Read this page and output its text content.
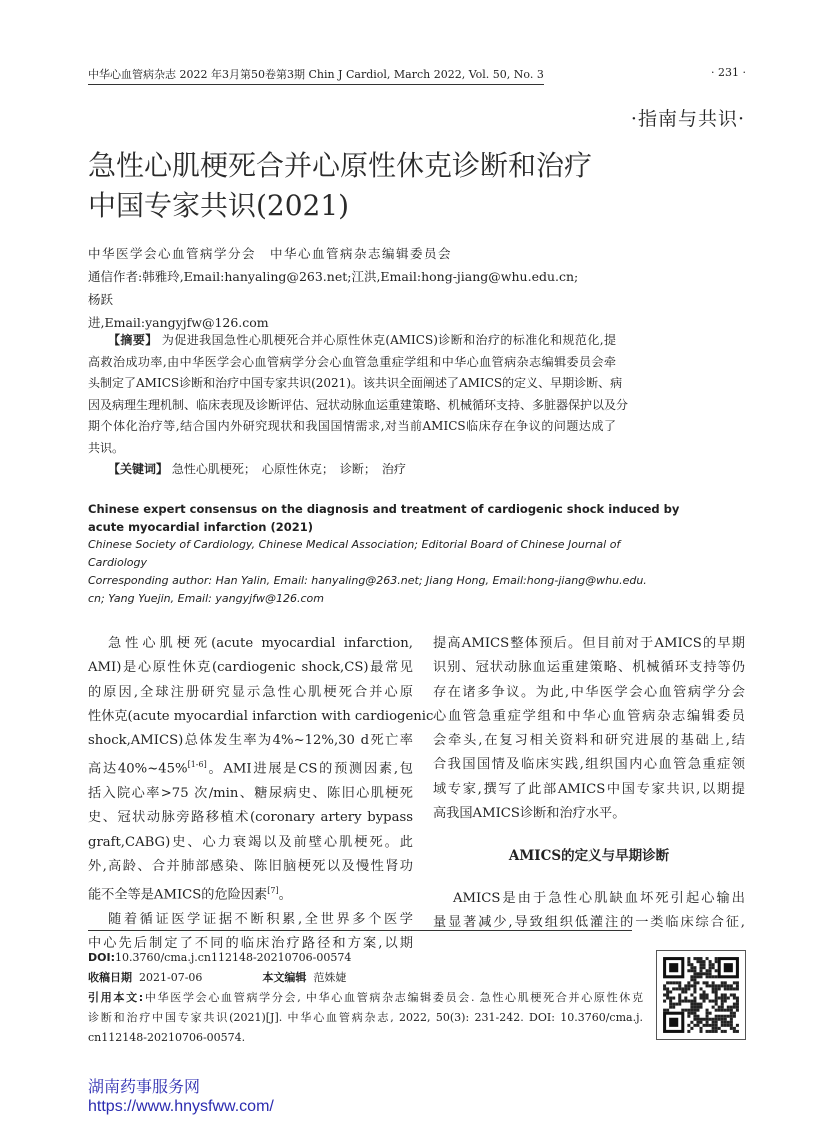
中华心血管病杂志 2022 年3月第50卷第3期 Chin J Cardiol, March 2022, Vol. 50, No. 3	· 231 ·
·指南与共识·
急性心肌梗死合并心原性休克诊断和治疗
中国专家共识(2021)
中华医学会心血管病学分会　中华心血管病杂志编辑委员会
通信作者:韩雅玲,Email:hanyaling@263.net;江洪,Email:hong-jiang@whu.edu.cn;杨跃
进,Email:yangyjfw@126.com
【摘要】 为促进我国急性心肌梗死合并心原性休克(AMICS)诊断和治疗的标准化和规范化,提
高救治成功率,由中华医学会心血管病学分会心血管急重症学组和中华心血管病杂志编辑委员会牵
头制定了AMICS诊断和治疗中国专家共识(2021)。该共识全面阐述了AMICS的定义、早期诊断、病
因及病理生理机制、临床表现及诊断评估、冠状动脉血运重建策略、机械循环支持、多脏器保护以及分
期个体化治疗等,结合国内外研究现状和我国国情需求,对当前AMICS临床存在争议的问题达成了
共识。
【关键词】 急性心肌梗死；　心原性休克；　诊断；　治疗
Chinese expert consensus on the diagnosis and treatment of cardiogenic shock induced by
acute myocardial infarction (2021)
Chinese Society of Cardiology, Chinese Medical Association; Editorial Board of Chinese Journal of
Cardiology
Corresponding author: Han Yalin, Email: hanyaling@263.net; Jiang Hong, Email:hong-jiang@whu.edu.
cn; Yang Yuejin, Email: yangyjfw@126.com
急性心肌梗死(acute myocardial infarction,
AMI)是心原性休克(cardiogenic shock,CS)最常见
的原因,全球注册研究显示急性心肌梗死合并心原
性休克(acute myocardial infarction with cardiogenic
shock,AMICS)总体发生率为4%~12%,30 d死亡率
高达40%~45%[1-6]。AMI进展是CS的预测因素,包
括入院心率>75 次/min、糖尿病史、陈旧心肌梗死
史、冠状动脉旁路移植术(coronary artery bypass
graft,CABG)史、心力衰竭以及前壁心肌梗死。此
外,高龄、合并肺部感染、陈旧脑梗死以及慢性肾功
能不全等是AMICS的危险因素[7]。
随着循证医学证据不断积累,全世界多个医学
中心先后制定了不同的临床治疗路径和方案,以期
提高AMICS整体预后。但目前对于AMICS的早期
识别、冠状动脉血运重建策略、机械循环支持等仍
存在诸多争议。为此,中华医学会心血管病学分会
心血管急重症学组和中华心血管病杂志编辑委员
会牵头,在复习相关资料和研究进展的基础上,结
合我国国情及临床实践,组织国内心血管急重症领
域专家,撰写了此部AMICS中国专家共识,以期提
高我国AMICS诊断和治疗水平。
AMICS的定义与早期诊断
AMICS是由于急性心肌缺血坏死引起心输出
量显著减少,导致组织低灌注的一类临床综合征,
DOI:10.3760/cma.j.cn112148-20210706-00574
收稿日期 2021-07-06	本文编辑 范姝婕
引用本文:中华医学会心血管病学分会, 中华心血管病杂志编辑委员会. 急性心肌梗死合并心原性休克
诊断和治疗中国专家共识(2021)[J]. 中华心血管病杂志, 2022, 50(3): 231-242. DOI: 10.3760/cma.j.
cn112148-20210706-00574.
湖南药事服务网
https://www.hnysfww.com/
